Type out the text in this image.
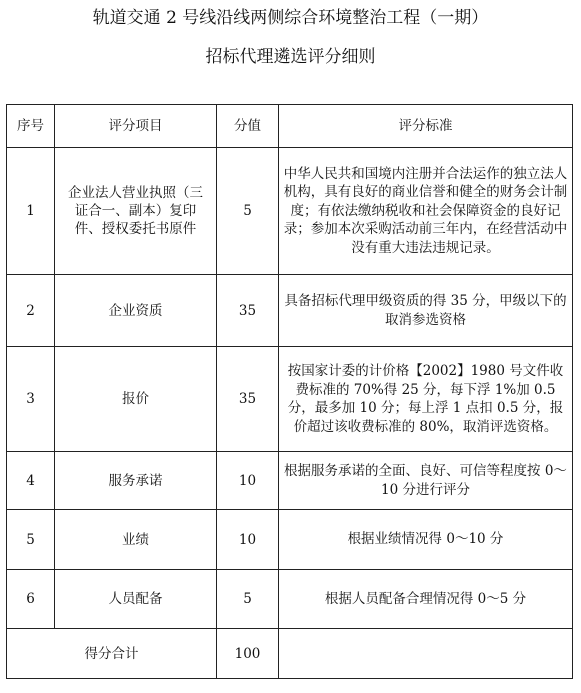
轨道交通 2 号线沿线两侧综合环境整治工程（一期）
招标代理遴选评分细则
序号	评分项目	分值	评分标准
1	企业法人营业执照（三证合一、副本）复印件、授权委托书原件	5	中华人民共和国境内注册并合法运作的独立法人机构，具有良好的商业信誉和健全的财务会计制度；有依法缴纳税收和社会保障资金的良好记录；参加本次采购活动前三年内，在经营活动中没有重大违法违规记录。
2	企业资质	35	具备招标代理甲级资质的得 35 分，甲级以下的取消参选资格
3	报价	35	按国家计委的计价格【2002】1980 号文件收费标准的 70%得 25 分，每下浮 1%加 0.5 分，最多加 10 分；每上浮 1 点扣 0.5 分，报价超过该收费标准的 80%，取消评选资格。
4	服务承诺	10	根据服务承诺的全面、良好、可信等程度按 0～10 分进行评分
5	业绩	10	根据业绩情况得 0～10 分
6	人员配备	5	根据人员配备合理情况得 0～5 分
得分合计		100	
